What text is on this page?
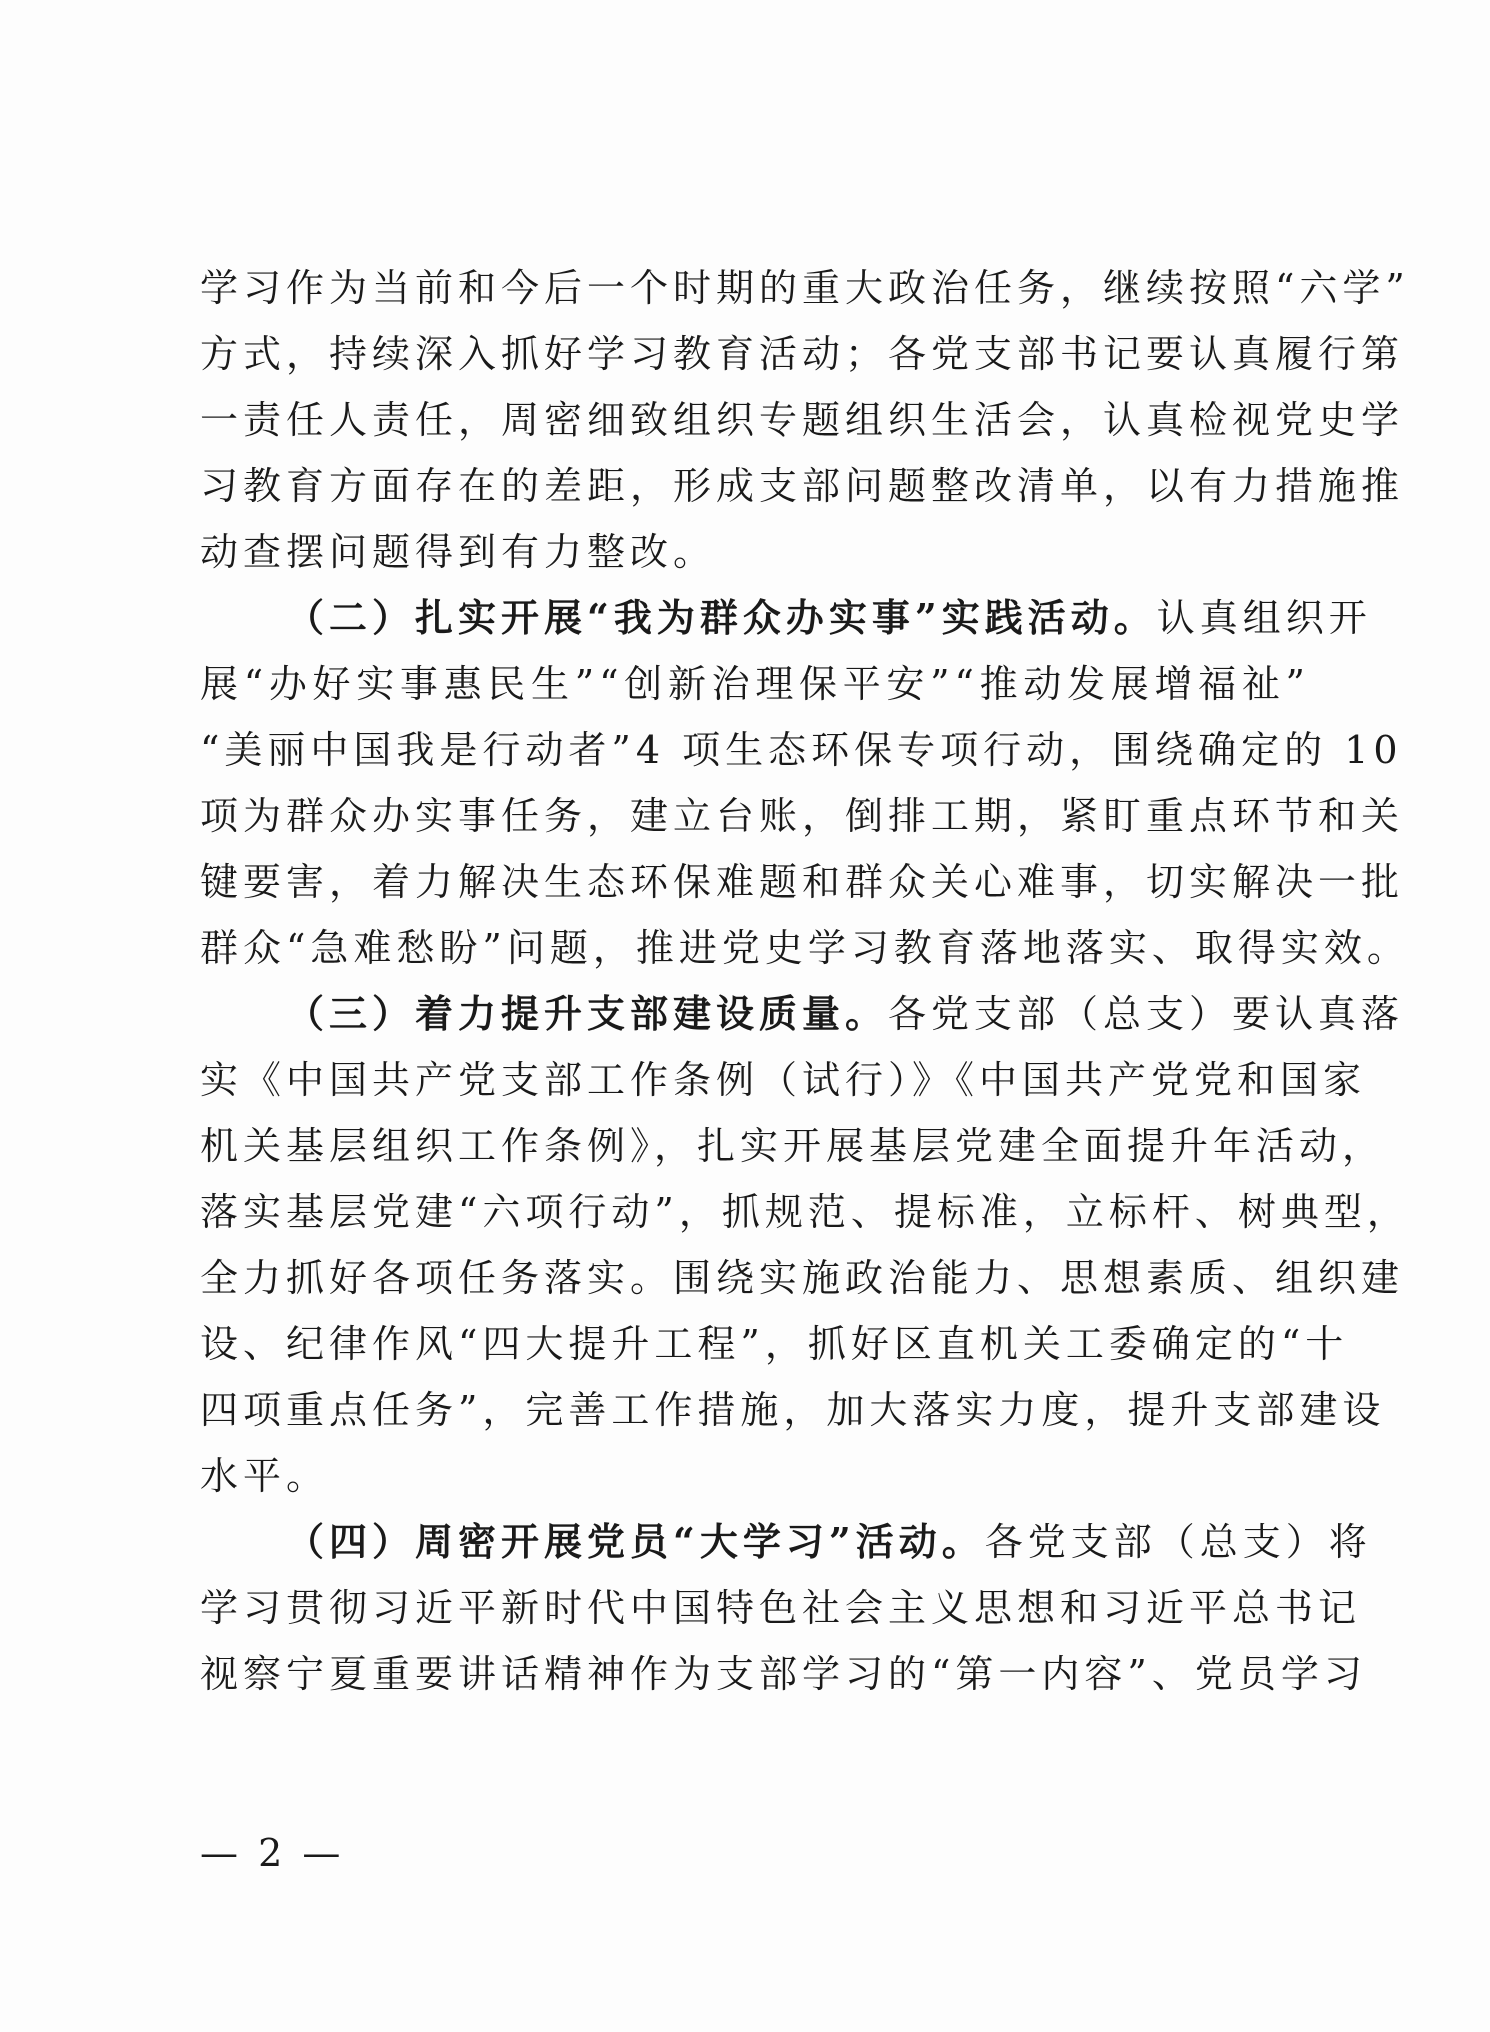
学习作为当前和今后一个时期的重大政治任务，继续按照“六学”
方式，持续深入抓好学习教育活动；各党支部书记要认真履行第
一责任人责任，周密细致组织专题组织生活会，认真检视党史学
习教育方面存在的差距，形成支部问题整改清单，以有力措施推
动查摆问题得到有力整改。
（二）扎实开展“我为群众办实事”实践活动。认真组织开
展“办好实事惠民生”“创新治理保平安”“推动发展增福祉”
“美丽中国我是行动者”4 项生态环保专项行动，围绕确定的 10
项为群众办实事任务，建立台账，倒排工期，紧盯重点环节和关
键要害，着力解决生态环保难题和群众关心难事，切实解决一批
群众“急难愁盼”问题，推进党史学习教育落地落实、取得实效。
（三）着力提升支部建设质量。各党支部（总支）要认真落
实《中国共产党支部工作条例（试行）》《中国共产党党和国家
机关基层组织工作条例》，扎实开展基层党建全面提升年活动，
落实基层党建“六项行动”，抓规范、提标准，立标杆、树典型，
全力抓好各项任务落实。围绕实施政治能力、思想素质、组织建
设、纪律作风“四大提升工程”，抓好区直机关工委确定的“十
四项重点任务”，完善工作措施，加大落实力度，提升支部建设
水平。
（四）周密开展党员“大学习”活动。各党支部（总支）将
学习贯彻习近平新时代中国特色社会主义思想和习近平总书记
视察宁夏重要讲话精神作为支部学习的“第一内容”、党员学习
— 2 —
